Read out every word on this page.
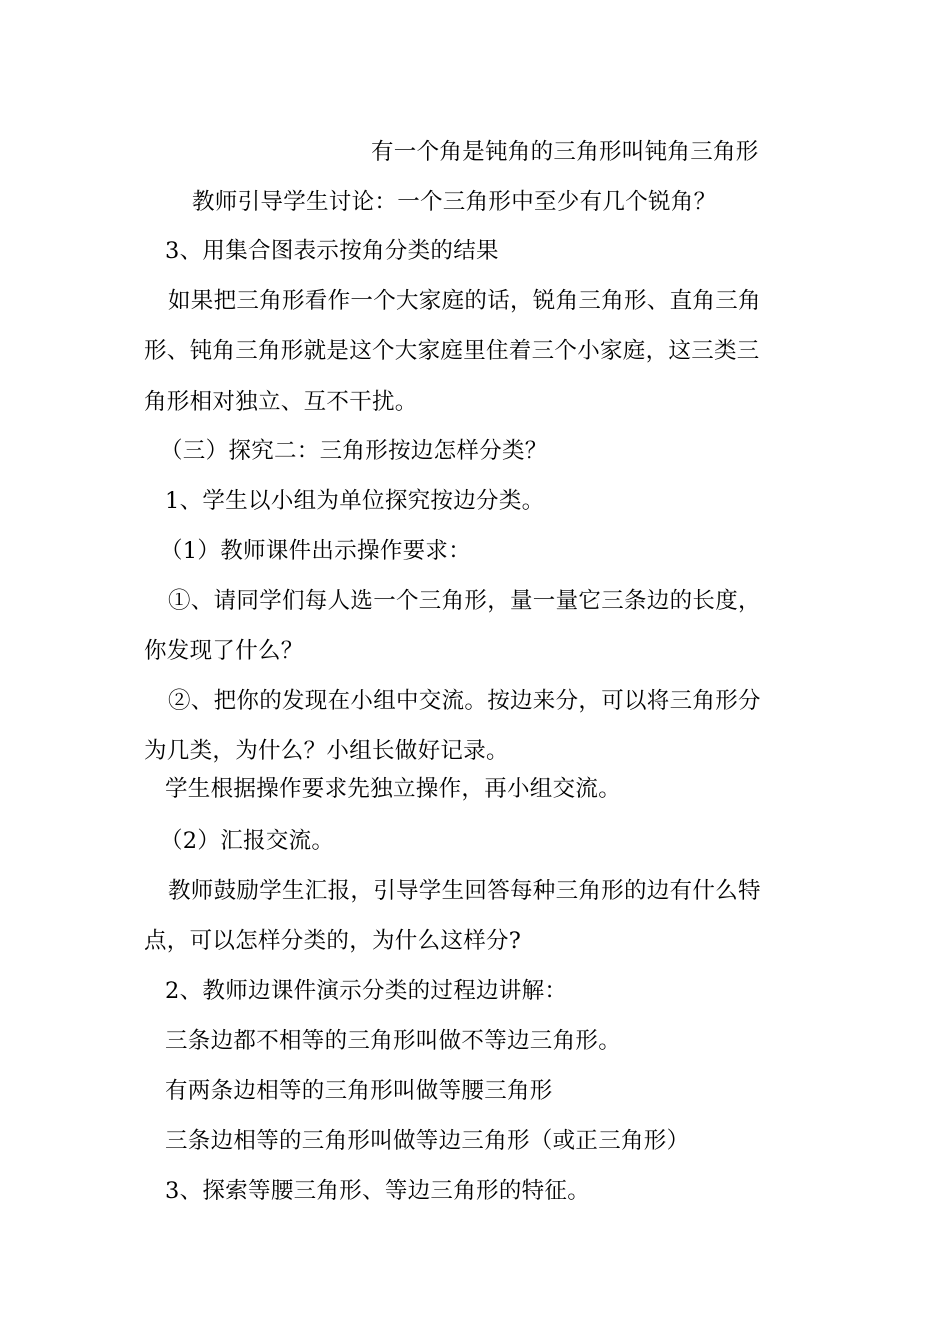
有一个角是钝角的三角形叫钝角三角形
教师引导学生讨论：一个三角形中至少有几个锐角？
3、用集合图表示按角分类的结果
如果把三角形看作一个大家庭的话，锐角三角形、直角三角
形、钝角三角形就是这个大家庭里住着三个小家庭，这三类三
角形相对独立、互不干扰。
（三）探究二：三角形按边怎样分类？
1、学生以小组为单位探究按边分类。
（1）教师课件出示操作要求：
①、请同学们每人选一个三角形，量一量它三条边的长度，
你发现了什么？
②、把你的发现在小组中交流。按边来分，可以将三角形分
为几类，为什么？小组长做好记录。
学生根据操作要求先独立操作，再小组交流。
（2）汇报交流。
教师鼓励学生汇报，引导学生回答每种三角形的边有什么特
点，可以怎样分类的，为什么这样分?
2、教师边课件演示分类的过程边讲解：
三条边都不相等的三角形叫做不等边三角形。
有两条边相等的三角形叫做等腰三角形
三条边相等的三角形叫做等边三角形（或正三角形）
3、探索等腰三角形、等边三角形的特征。
